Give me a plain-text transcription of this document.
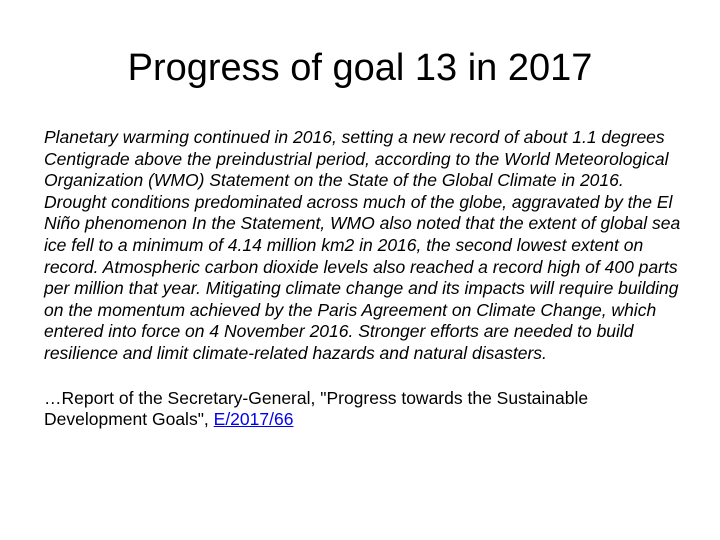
Progress of goal 13 in 2017

Planetary warming continued in 2016, setting a new record of about 1.1 degrees Centigrade above the preindustrial period, according to the World Meteorological Organization (WMO) Statement on the State of the Global Climate in 2016. Drought conditions predominated across much of the globe, aggravated by the El Niño phenomenon In the Statement, WMO also noted that the extent of global sea ice fell to a minimum of 4.14 million km2 in 2016, the second lowest extent on record. Atmospheric carbon dioxide levels also reached a record high of 400 parts per million that year. Mitigating climate change and its impacts will require building on the momentum achieved by the Paris Agreement on Climate Change, which entered into force on 4 November 2016. Stronger efforts are needed to build resilience and limit climate-related hazards and natural disasters.

…Report of the Secretary-General, "Progress towards the Sustainable Development Goals", E/2017/66
